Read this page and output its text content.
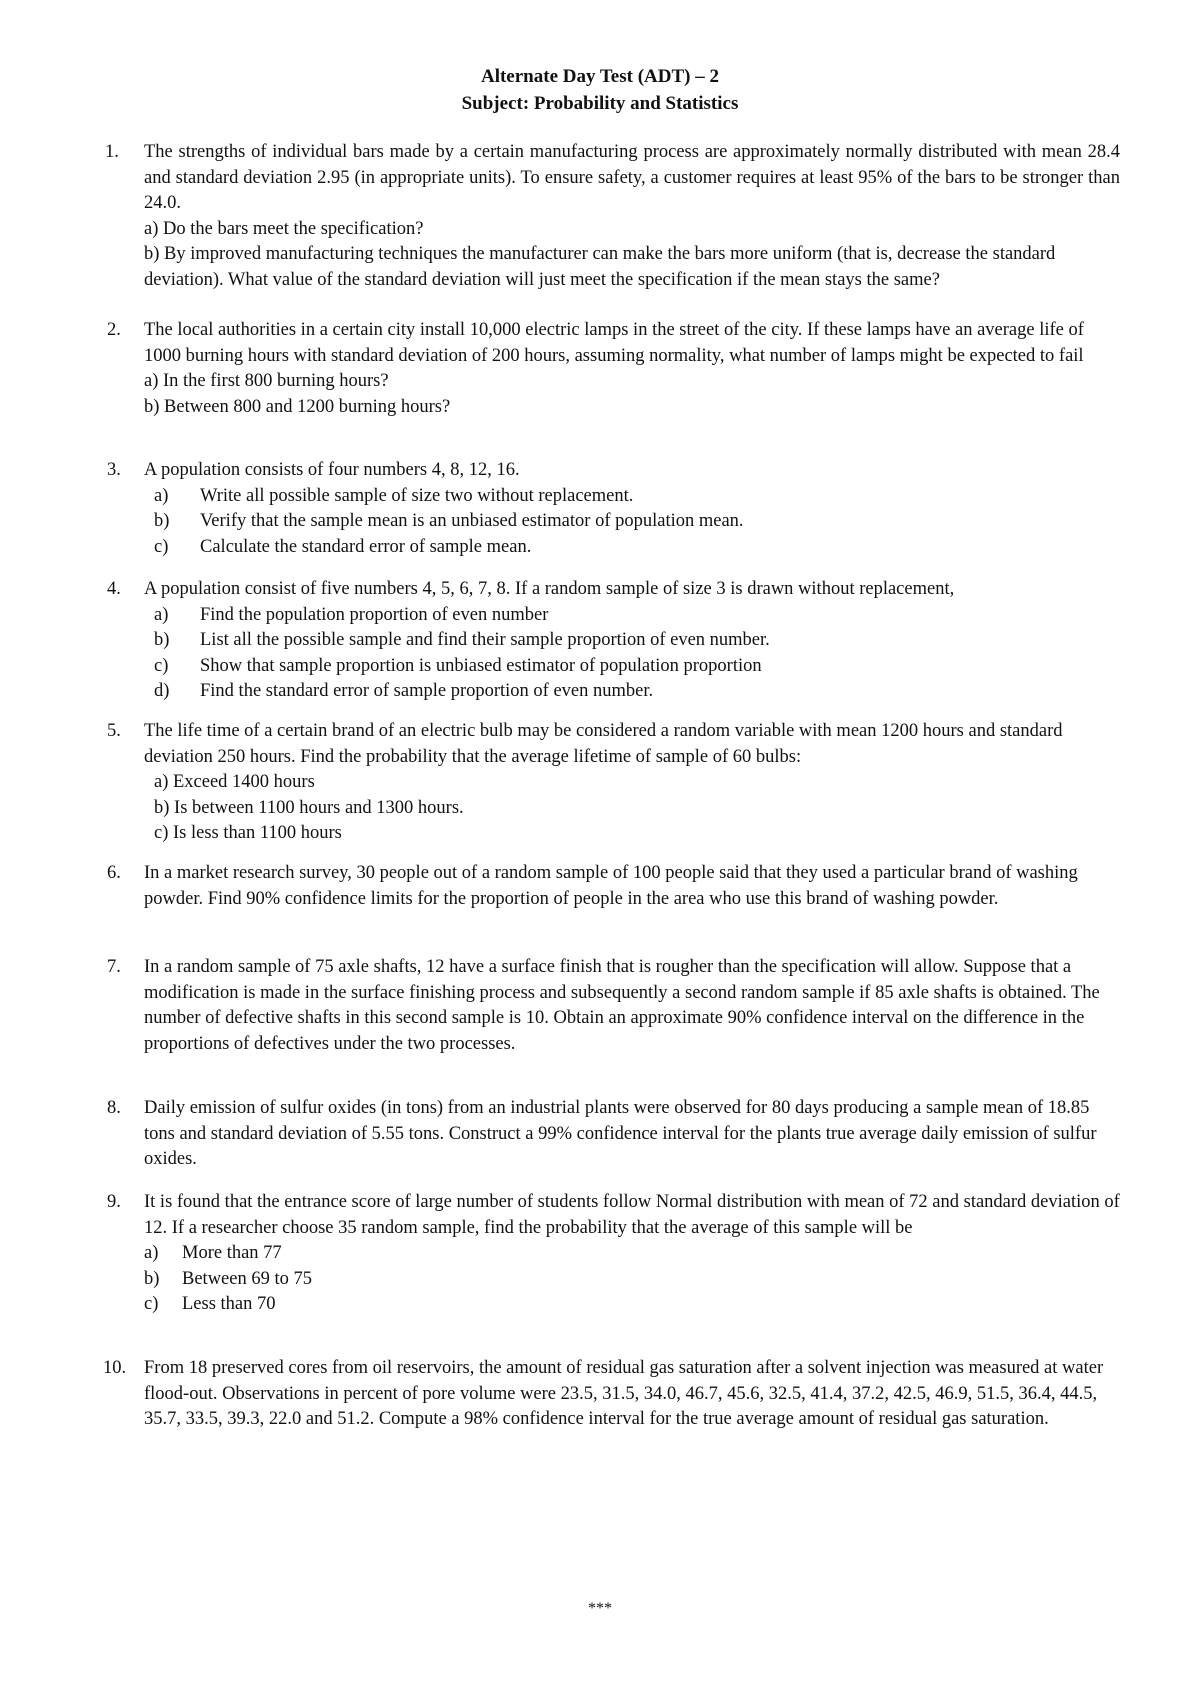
Alternate Day Test (ADT) – 2
Subject: Probability and Statistics
1.	The strengths of individual bars made by a certain manufacturing process are approximately normally distributed with mean 28.4 and standard deviation 2.95 (in appropriate units). To ensure safety, a customer requires at least 95% of the bars to be stronger than 24.0.
a) Do the bars meet the specification?
b) By improved manufacturing techniques the manufacturer can make the bars more uniform (that is, decrease the standard deviation). What value of the standard deviation will just meet the specification if the mean stays the same?
2.	The local authorities in a certain city install 10,000 electric lamps in the street of the city. If these lamps have an average life of 1000 burning hours with standard deviation of 200 hours, assuming normality, what number of lamps might be expected to fail
a) In the first 800 burning hours?
b) Between 800 and 1200 burning hours?
3.	A population consists of four numbers 4, 8, 12, 16.
a) Write all possible sample of size two without replacement.
b) Verify that the sample mean is an unbiased estimator of population mean.
c) Calculate the standard error of sample mean.
4.	A population consist of five numbers 4, 5, 6, 7, 8. If a random sample of size 3 is drawn without replacement,
a) Find the population proportion of even number
b) List all the possible sample and find their sample proportion of even number.
c) Show that sample proportion is unbiased estimator of population proportion
d) Find the standard error of sample proportion of even number.
5.	The life time of a certain brand of an electric bulb may be considered a random variable with mean 1200 hours and standard deviation 250 hours. Find the probability that the average lifetime of sample of 60 bulbs:
a) Exceed 1400 hours
b) Is between 1100 hours and 1300 hours.
c) Is less than 1100 hours
6.	In a market research survey, 30 people out of a random sample of 100 people said that they used a particular brand of washing powder. Find 90% confidence limits for the proportion of people in the area who use this brand of washing powder.
7.	In a random sample of 75 axle shafts, 12 have a surface finish that is rougher than the specification will allow. Suppose that a modification is made in the surface finishing process and subsequently a second random sample if 85 axle shafts is obtained. The number of defective shafts in this second sample is 10. Obtain an approximate 90% confidence interval on the difference in the proportions of defectives under the two processes.
8.	Daily emission of sulfur oxides (in tons) from an industrial plants were observed for 80 days producing a sample mean of 18.85 tons and standard deviation of 5.55 tons. Construct a 99% confidence interval for the plants true average daily emission of sulfur oxides.
9.	It is found that the entrance score of large number of students follow Normal distribution with mean of 72 and standard deviation of 12. If a researcher choose 35 random sample, find the probability that the average of this sample will be
a) More than 77
b) Between 69 to 75
c) Less than 70
10. From 18 preserved cores from oil reservoirs, the amount of residual gas saturation after a solvent injection was measured at water flood-out. Observations in percent of pore volume were 23.5, 31.5, 34.0, 46.7, 45.6, 32.5, 41.4, 37.2, 42.5, 46.9, 51.5, 36.4, 44.5, 35.7, 33.5, 39.3, 22.0 and 51.2. Compute a 98% confidence interval for the true average amount of residual gas saturation.
***
